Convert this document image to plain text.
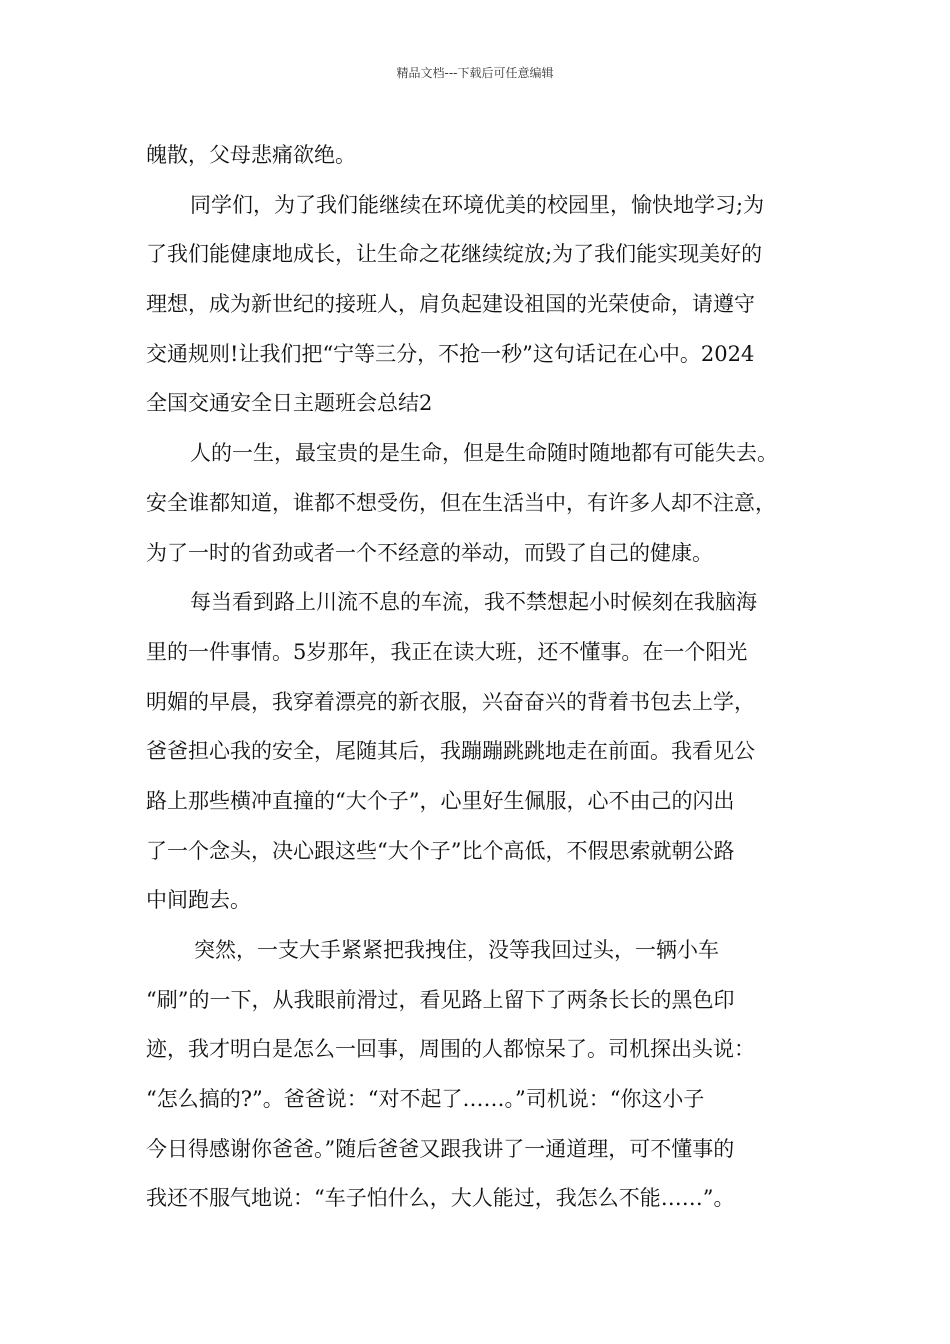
精品文档---下载后可任意编辑
魄散，父母悲痛欲绝。
同学们，为了我们能继续在环境优美的校园里，愉快地学习;为
了我们能健康地成长，让生命之花继续绽放;为了我们能实现美好的
理想，成为新世纪的接班人，肩负起建设祖国的光荣使命，请遵守
交通规则!让我们把“宁等三分，不抢一秒”这句话记在心中。2024
全国交通安全日主题班会总结2
人的一生，最宝贵的是生命，但是生命随时随地都有可能失去。
安全谁都知道，谁都不想受伤，但在生活当中，有许多人却不注意，
为了一时的省劲或者一个不经意的举动，而毁了自己的健康。
每当看到路上川流不息的车流，我不禁想起小时候刻在我脑海
里的一件事情。5岁那年，我正在读大班，还不懂事。在一个阳光
明媚的早晨，我穿着漂亮的新衣服，兴奋奋兴的背着书包去上学，
爸爸担心我的安全，尾随其后，我蹦蹦跳跳地走在前面。我看见公
路上那些横冲直撞的“大个子”，心里好生佩服，心不由己的闪出
了一个念头，决心跟这些“大个子”比个高低，不假思索就朝公路
中间跑去。
突然，一支大手紧紧把我拽住，没等我回过头，一辆小车
“刷”的一下，从我眼前滑过，看见路上留下了两条长长的黑色印
迹，我才明白是怎么一回事，周围的人都惊呆了。司机探出头说：
“怎么搞的?”。爸爸说：“对不起了……。”司机说：“你这小子
今日得感谢你爸爸。”随后爸爸又跟我讲了一通道理，可不懂事的
我还不服气地说：“车子怕什么，大人能过，我怎么不能……”。
